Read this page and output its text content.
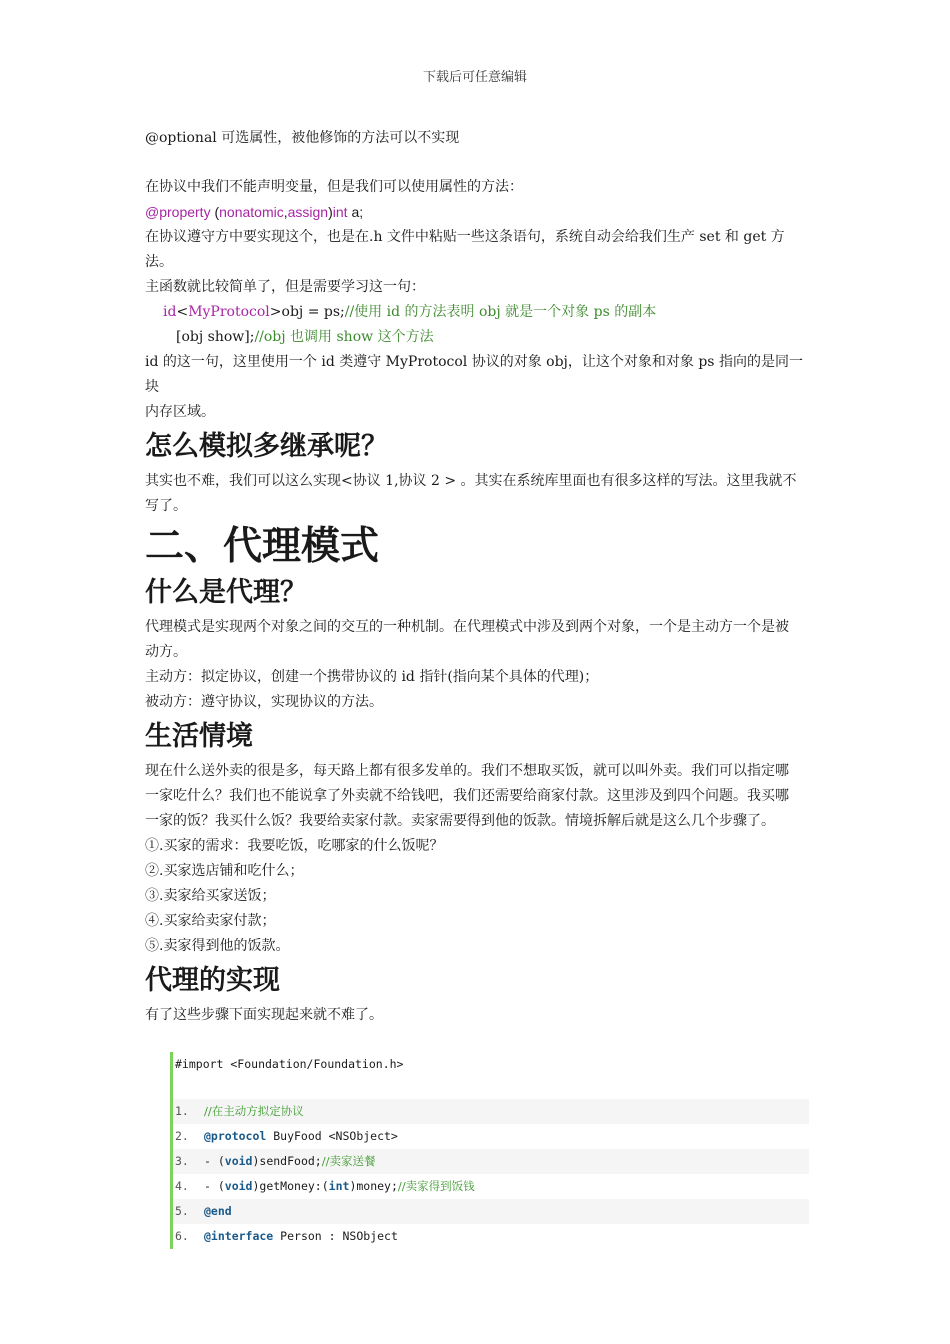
下载后可任意编辑

@optional 可选属性，被他修饰的方法可以不实现

在协议中我们不能声明变量，但是我们可以使用属性的方法：

@property (nonatomic,assign)int a;

在协议遵守方中要实现这个，也是在.h 文件中粘贴一些这条语句，系统自动会给我们生产 set 和 get 方法。

主函数就比较简单了，但是需要学习这一句：

id<MyProtocol>obj = ps;//使用 id 的方法表明 obj 就是一个对象 ps 的副本

[obj show];//obj 也调用 show 这个方法

id 的这一句，这里使用一个 id 类遵守 MyProtocol 协议的对象 obj，让这个对象和对象 ps 指向的是同一块

内存区域。

怎么模拟多继承呢？

其实也不难，我们可以这么实现<协议 1,协议 2 > 。其实在系统库里面也有很多这样的写法。这里我就不

写了。

二、代理模式
什么是代理？

代理模式是实现两个对象之间的交互的一种机制。在代理模式中涉及到两个对象，一个是主动方一个是被

动方。

主动方：拟定协议，创建一个携带协议的 id 指针(指向某个具体的代理)；

被动方：遵守协议，实现协议的方法。

生活情境

现在什么送外卖的很是多，每天路上都有很多发单的。我们不想取买饭，就可以叫外卖。我们可以指定哪

一家吃什么？我们也不能说拿了外卖就不给钱吧，我们还需要给商家付款。这里涉及到四个问题。我买哪

一家的饭？我买什么饭？我要给卖家付款。卖家需要得到他的饭款。情境拆解后就是这么几个步骤了。

①.买家的需求：我要吃饭，吃哪家的什么饭呢？

②.买家选店铺和吃什么；

③.卖家给买家送饭；

④.买家给卖家付款；

⑤.卖家得到他的饭款。

代理的实现

有了这些步骤下面实现起来就不难了。

#import <Foundation/Foundation.h>
1.	//在主动方拟定协议
2.	@protocol BuyFood <NSObject>
3.	- ( void )sendFood; //卖家送餐
4.	- ( void )getMoney:( int )money; //卖家得到饭钱
5.	@end
6.	@interface Person : NSObject
